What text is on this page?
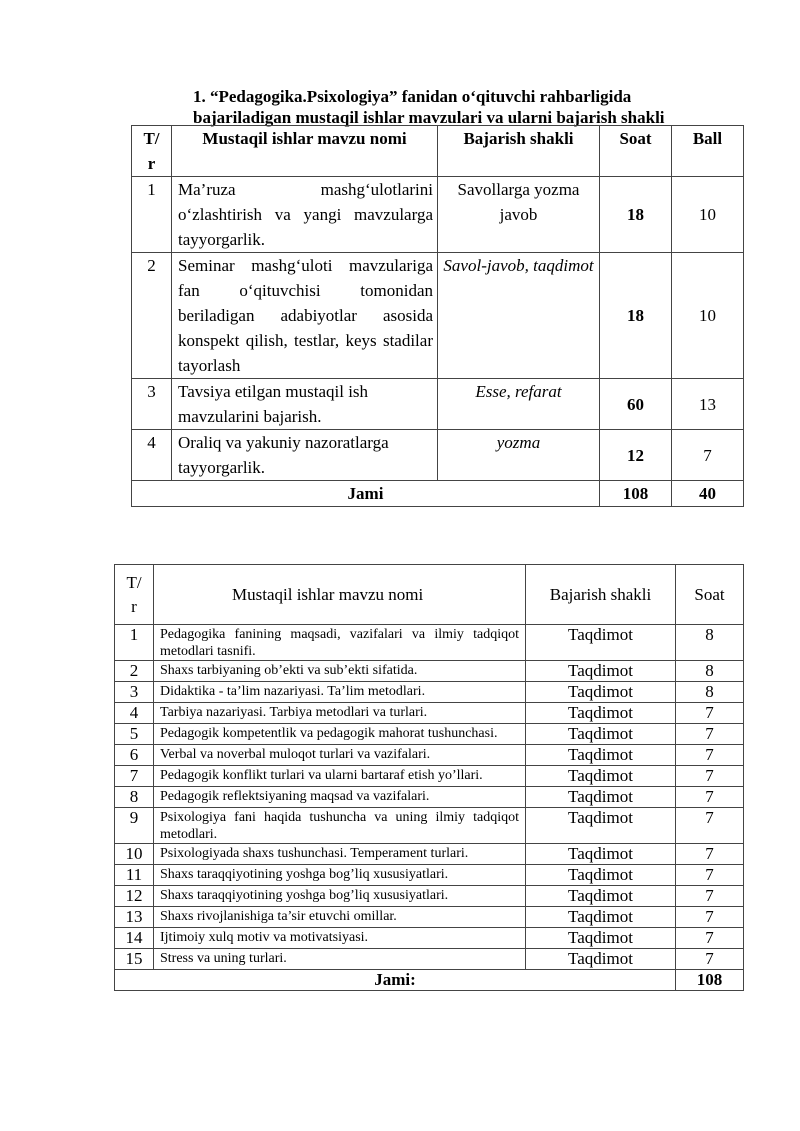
1. “Pedagogika.Psixologiya” fanidan o‘qituvchi rahbarligida
bajariladigan mustaqil ishlar mavzulari va ularni bajarish shakli
T/
r	Mustaqil ishlar mavzu nomi	Bajarish shakli	Soat	Ball
1	Ma’ruza mashg‘ulotlarini o‘zlashtirish va yangi mavzularga tayyorgarlik.	Savollarga yozma javob	18	10
2	Seminar mashg‘uloti mavzulariga fan o‘qituvchisi tomonidan beriladigan adabiyotlar asosida konspekt qilish, testlar, keys stadilar tayorlash	Savol-javob, taqdimot	18	10
3	Tavsiya etilgan mustaqil ish mavzularini bajarish.	Esse, refarat	60	13
4	Oraliq va yakuniy nazoratlarga tayyorgarlik.	yozma	12	7
Jami			108	40
T/
r	Mustaqil ishlar mavzu nomi	Bajarish shakli	Soat
1	Pedagogika fanining maqsadi, vazifalari va ilmiy tadqiqot metodlari tasnifi.	Taqdimot	8
2	Shaxs tarbiyaning ob’ekti va sub’ekti sifatida.	Taqdimot	8
3	Didaktika - ta’lim nazariyasi. Ta’lim metodlari.	Taqdimot	8
4	Tarbiya nazariyasi. Tarbiya metodlari va turlari.	Taqdimot	7
5	Pedagogik kompetentlik va pedagogik mahorat tushunchasi.	Taqdimot	7
6	Verbal va noverbal muloqot turlari va vazifalari.	Taqdimot	7
7	Pedagogik konflikt turlari va ularni bartaraf etish yo’llari.	Taqdimot	7
8	Pedagogik reflektsiyaning maqsad va vazifalari.	Taqdimot	7
9	Psixologiya fani haqida tushuncha va uning ilmiy tadqiqot metodlari.	Taqdimot	7
10	Psixologiyada shaxs tushunchasi. Temperament turlari.	Taqdimot	7
11	Shaxs taraqqiyotining yoshga bog’liq xususiyatlari.	Taqdimot	7
12	Shaxs taraqqiyotining yoshga bog’liq xususiyatlari.	Taqdimot	7
13	Shaxs rivojlanishiga ta’sir etuvchi omillar.	Taqdimot	7
14	Ijtimoiy xulq motiv va motivatsiyasi.	Taqdimot	7
15	Stress va uning turlari.	Taqdimot	7
Jami:			108
